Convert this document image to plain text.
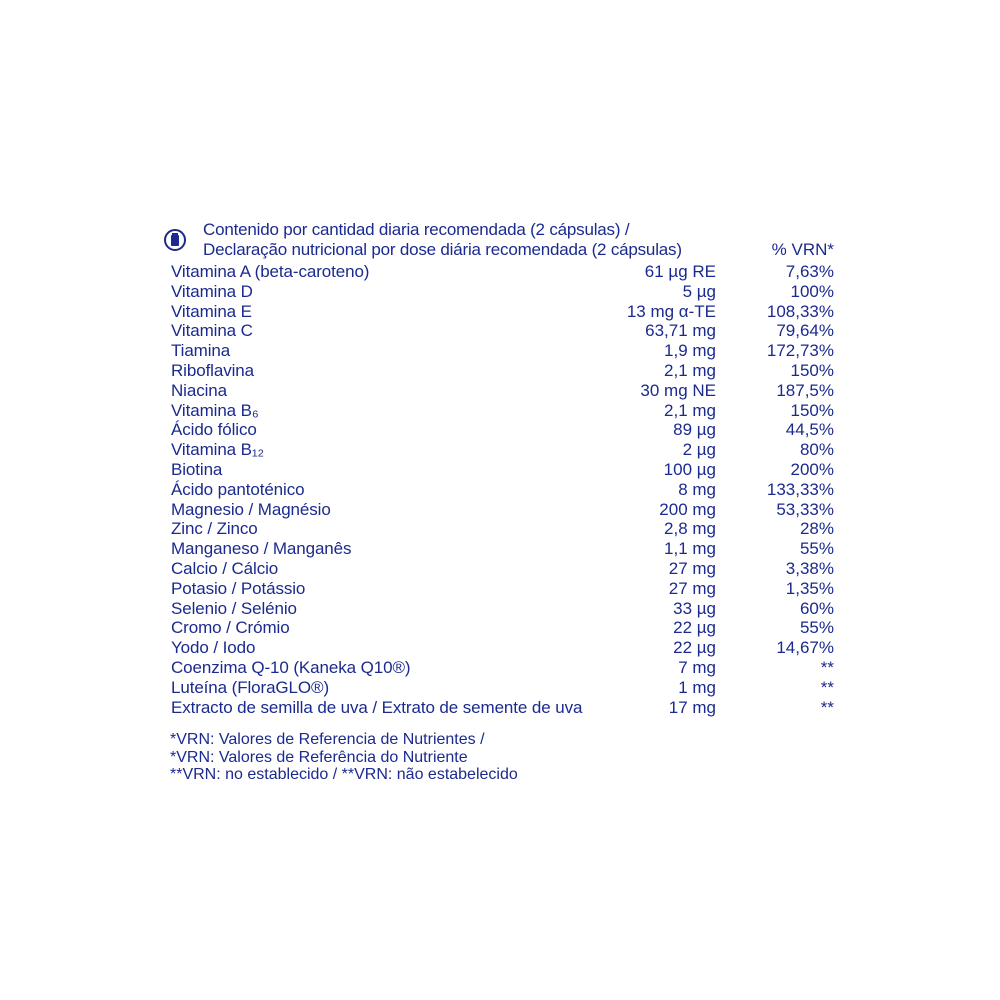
Contenido por cantidad diaria recomendada (2 cápsulas) /
Declaração nutricional por dose diária recomendada (2 cápsulas)	% VRN*
Vitamina A (beta-caroteno)	61 µg RE	7,63%
Vitamina D	5 µg	100%
Vitamina E	13 mg α-TE	108,33%
Vitamina C	63,71 mg	79,64%
Tiamina	1,9 mg	172,73%
Riboflavina	2,1 mg	150%
Niacina	30 mg NE	187,5%
Vitamina B₆	2,1 mg	150%
Ácido fólico	89 µg	44,5%
Vitamina B₁₂	2 µg	80%
Biotina	100 µg	200%
Ácido pantoténico	8 mg	133,33%
Magnesio / Magnésio	200 mg	53,33%
Zinc / Zinco	2,8 mg	28%
Manganeso / Manganês	1,1 mg	55%
Calcio / Cálcio	27 mg	3,38%
Potasio / Potássio	27 mg	1,35%
Selenio / Selénio	33 µg	60%
Cromo / Crómio	22 µg	55%
Yodo / Iodo	22 µg	14,67%
Coenzima Q-10 (Kaneka Q10®)	7 mg	**
Luteína (FloraGLO®)	1 mg	**
Extracto de semilla de uva / Extrato de semente de uva	17 mg	**
*VRN: Valores de Referencia de Nutrientes /
*VRN: Valores de Referência do Nutriente
**VRN: no establecido / **VRN: não estabelecido
